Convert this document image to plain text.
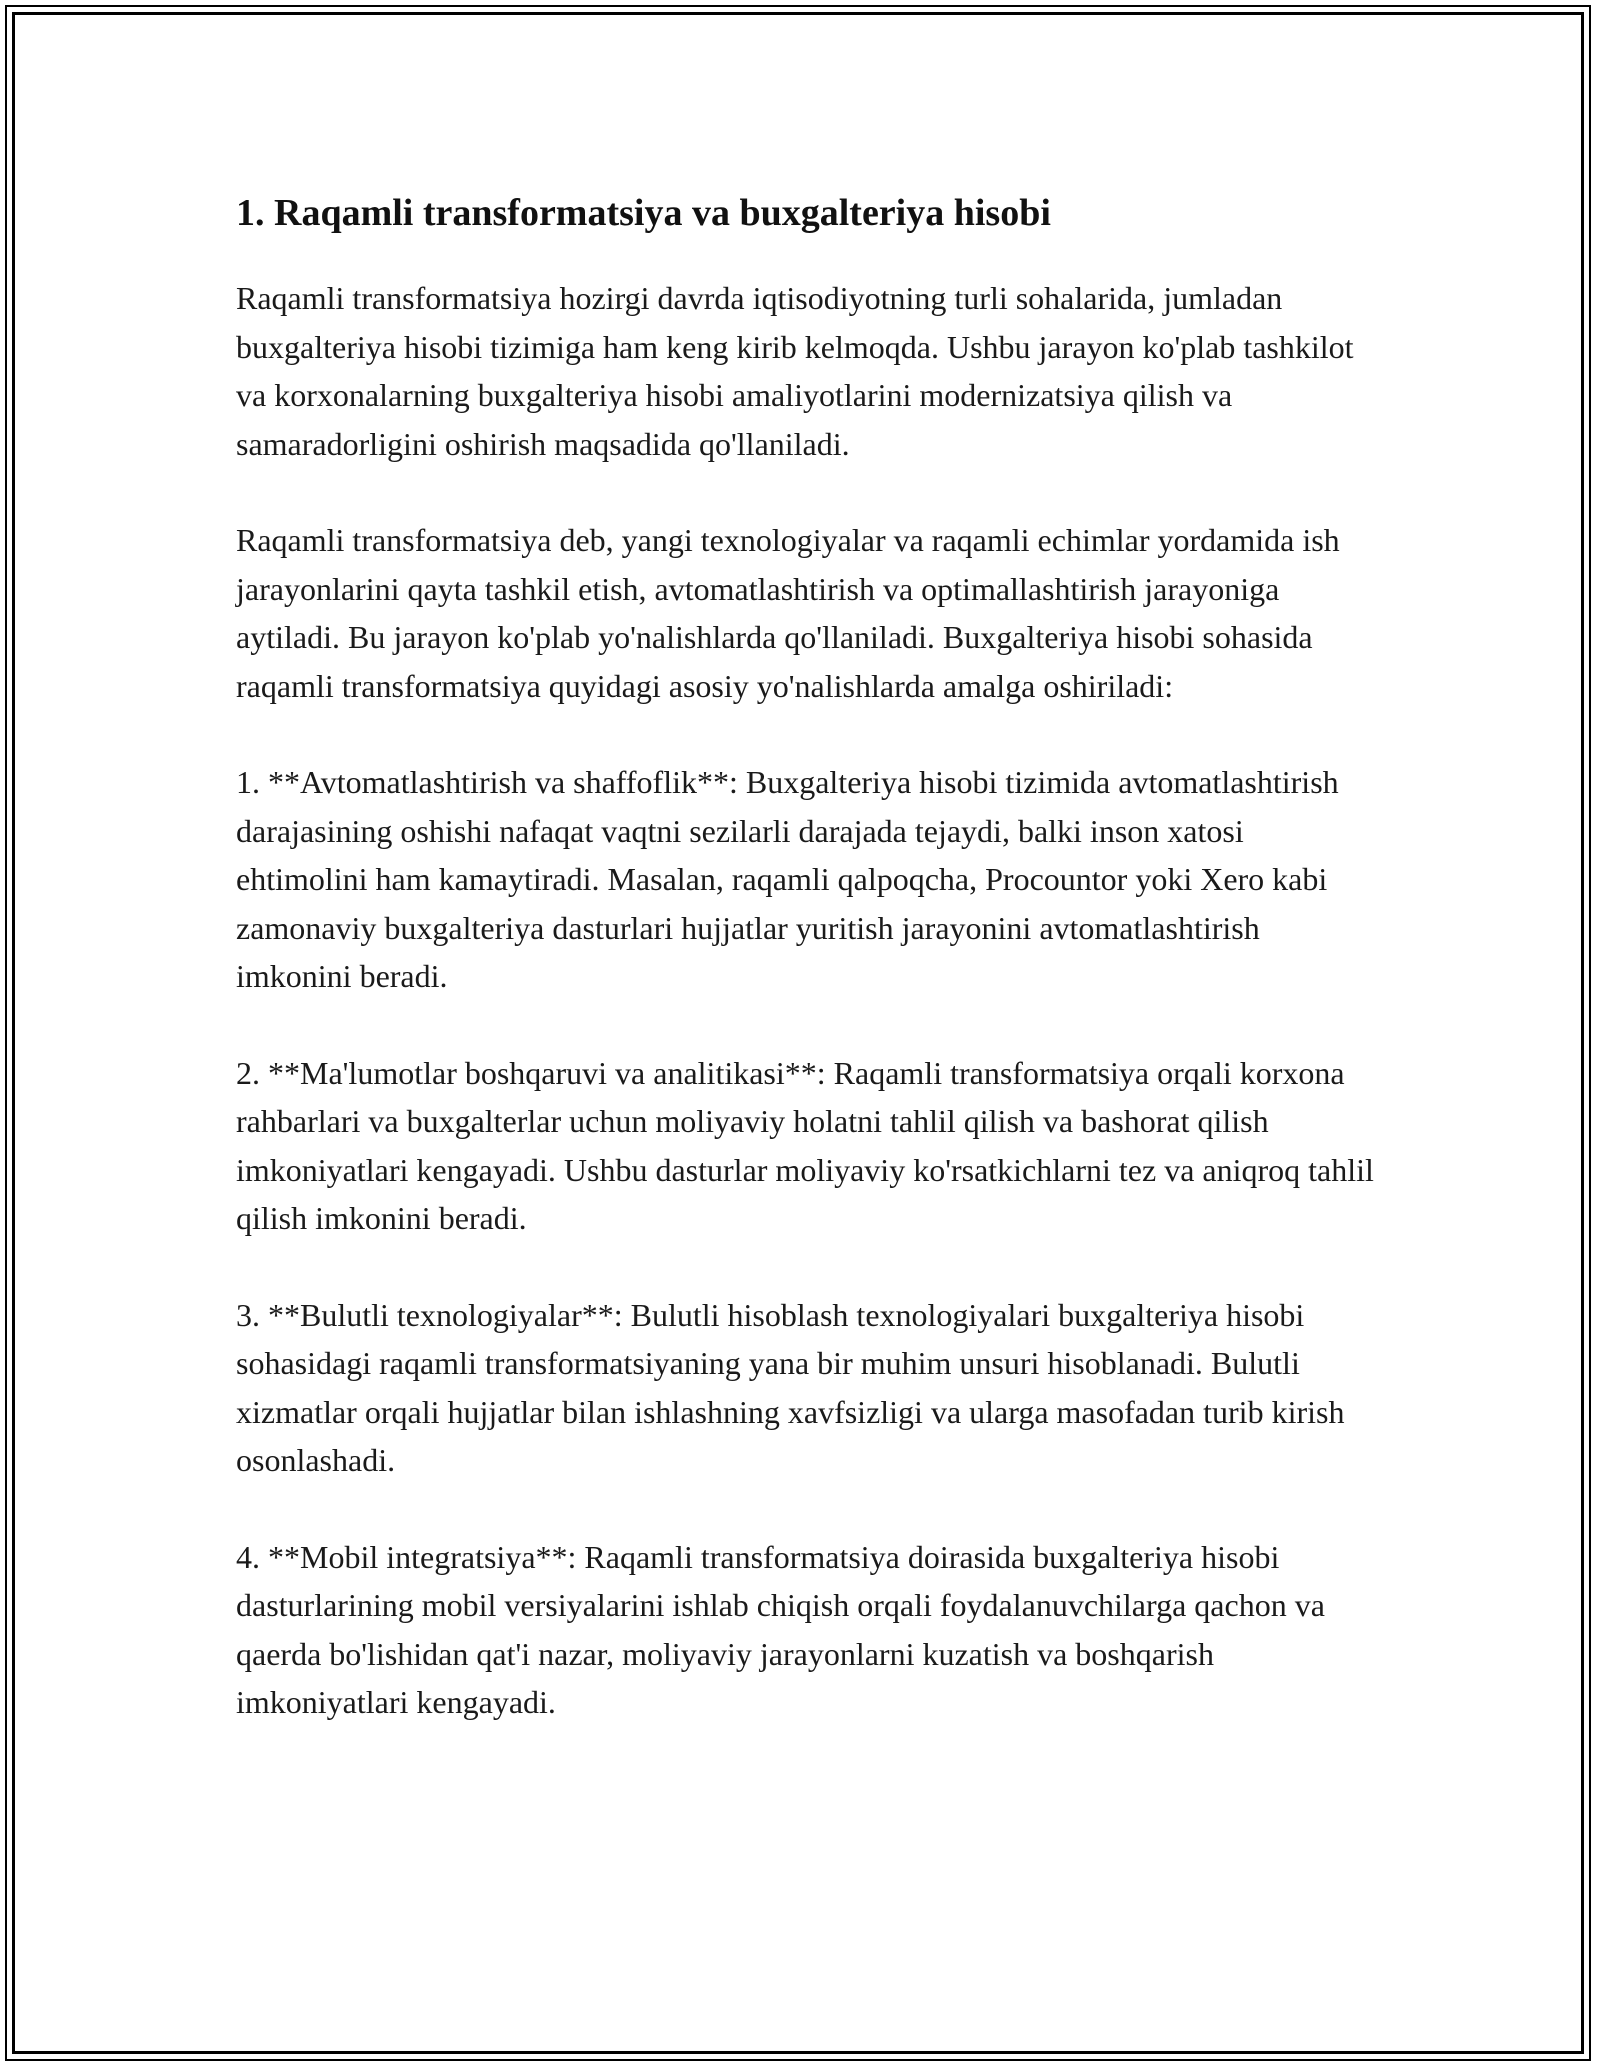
1. Raqamli transformatsiya va buxgalteriya hisobi

Raqamli transformatsiya hozirgi davrda iqtisodiyotning turli sohalarida, jumladan buxgalteriya hisobi tizimiga ham keng kirib kelmoqda. Ushbu jarayon ko'plab tashkilot va korxonalarning buxgalteriya hisobi amaliyotlarini modernizatsiya qilish va samaradorligini oshirish maqsadida qo'llaniladi.

Raqamli transformatsiya deb, yangi texnologiyalar va raqamli echimlar yordamida ish jarayonlarini qayta tashkil etish, avtomatlashtirish va optimallashtirish jarayoniga aytiladi. Bu jarayon ko'plab yo'nalishlarda qo'llaniladi. Buxgalteriya hisobi sohasida raqamli transformatsiya quyidagi asosiy yo'nalishlarda amalga oshiriladi:

1. **Avtomatlashtirish va shaffoflik**: Buxgalteriya hisobi tizimida avtomatlashtirish darajasining oshishi nafaqat vaqtni sezilarli darajada tejaydi, balki inson xatosi ehtimolini ham kamaytiradi. Masalan, raqamli qalpoqcha, Procountor yoki Xero kabi zamonaviy buxgalteriya dasturlari hujjatlar yuritish jarayonini avtomatlashtirish imkonini beradi.

2. **Ma'lumotlar boshqaruvi va analitikasi**: Raqamli transformatsiya orqali korxona rahbarlari va buxgalterlar uchun moliyaviy holatni tahlil qilish va bashorat qilish imkoniyatlari kengayadi. Ushbu dasturlar moliyaviy ko'rsatkichlarni tez va aniqroq tahlil qilish imkonini beradi.

3. **Bulutli texnologiyalar**: Bulutli hisoblash texnologiyalari buxgalteriya hisobi sohasidagi raqamli transformatsiyaning yana bir muhim unsuri hisoblanadi. Bulutli xizmatlar orqali hujjatlar bilan ishlashning xavfsizligi va ularga masofadan turib kirish osonlashadi.

4. **Mobil integratsiya**: Raqamli transformatsiya doirasida buxgalteriya hisobi dasturlarining mobil versiyalarini ishlab chiqish orqali foydalanuvchilarga qachon va qaerda bo'lishidan qat'i nazar, moliyaviy jarayonlarni kuzatish va boshqarish imkoniyatlari kengayadi.
